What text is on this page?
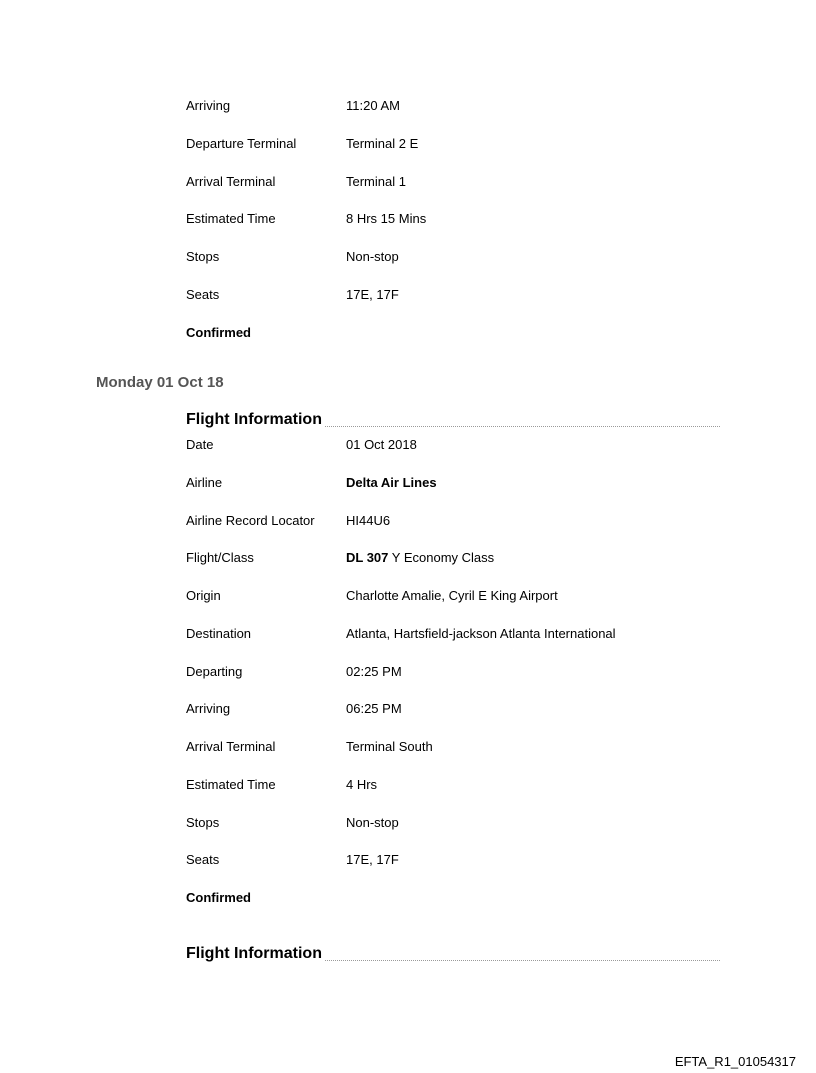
Arriving	11:20 AM
Departure Terminal	Terminal 2 E
Arrival Terminal	Terminal 1
Estimated Time	8 Hrs 15 Mins
Stops	Non-stop
Seats	17E, 17F
Confirmed
Monday 01 Oct 18
Flight Information
Date	01 Oct 2018
Airline	Delta Air Lines
Airline Record Locator HI44U6
Flight/Class	DL 307 Y Economy Class
Origin	Charlotte Amalie, Cyril E King Airport
Destination	Atlanta, Hartsfield-jackson Atlanta International
Departing	02:25 PM
Arriving	06:25 PM
Arrival Terminal	Terminal South
Estimated Time	4 Hrs
Stops	Non-stop
Seats	17E, 17F
Confirmed
Flight Information
EFTA_R1_01054317
